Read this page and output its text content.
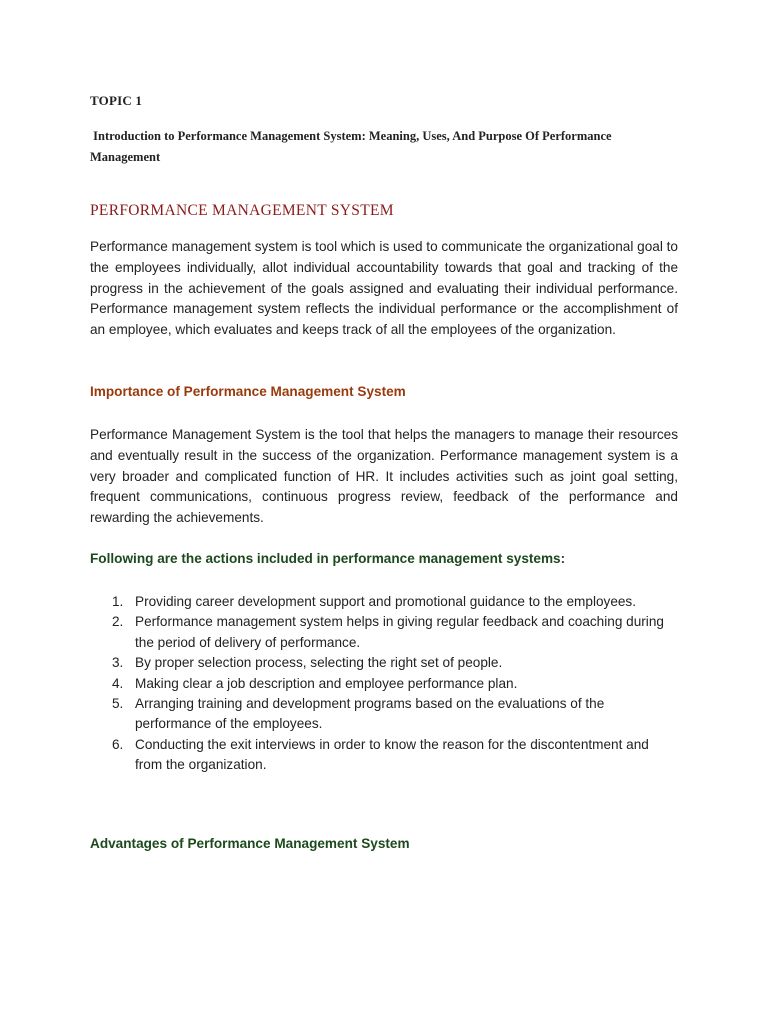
TOPIC 1
Introduction to Performance Management System: Meaning, Uses, And Purpose Of Performance Management
PERFORMANCE MANAGEMENT SYSTEM
Performance management system is tool which is used to communicate the organizational goal to the employees individually, allot individual accountability towards that goal and tracking of the progress in the achievement of the goals assigned and evaluating their individual performance. Performance management system reflects the individual performance or the accomplishment of an employee, which evaluates and keeps track of all the employees of the organization.
Importance of Performance Management System
Performance Management System is the tool that helps the managers to manage their resources and eventually result in the success of the organization. Performance management system is a very broader and complicated function of HR. It includes activities such as joint goal setting, frequent communications, continuous progress review, feedback of the performance and rewarding the achievements.
Following are the actions included in performance management systems:
1. Providing career development support and promotional guidance to the employees.
2. Performance management system helps in giving regular feedback and coaching during the period of delivery of performance.
3. By proper selection process, selecting the right set of people.
4. Making clear a job description and employee performance plan.
5. Arranging training and development programs based on the evaluations of the performance of the employees.
6. Conducting the exit interviews in order to know the reason for the discontentment and from the organization.
Advantages of Performance Management System
